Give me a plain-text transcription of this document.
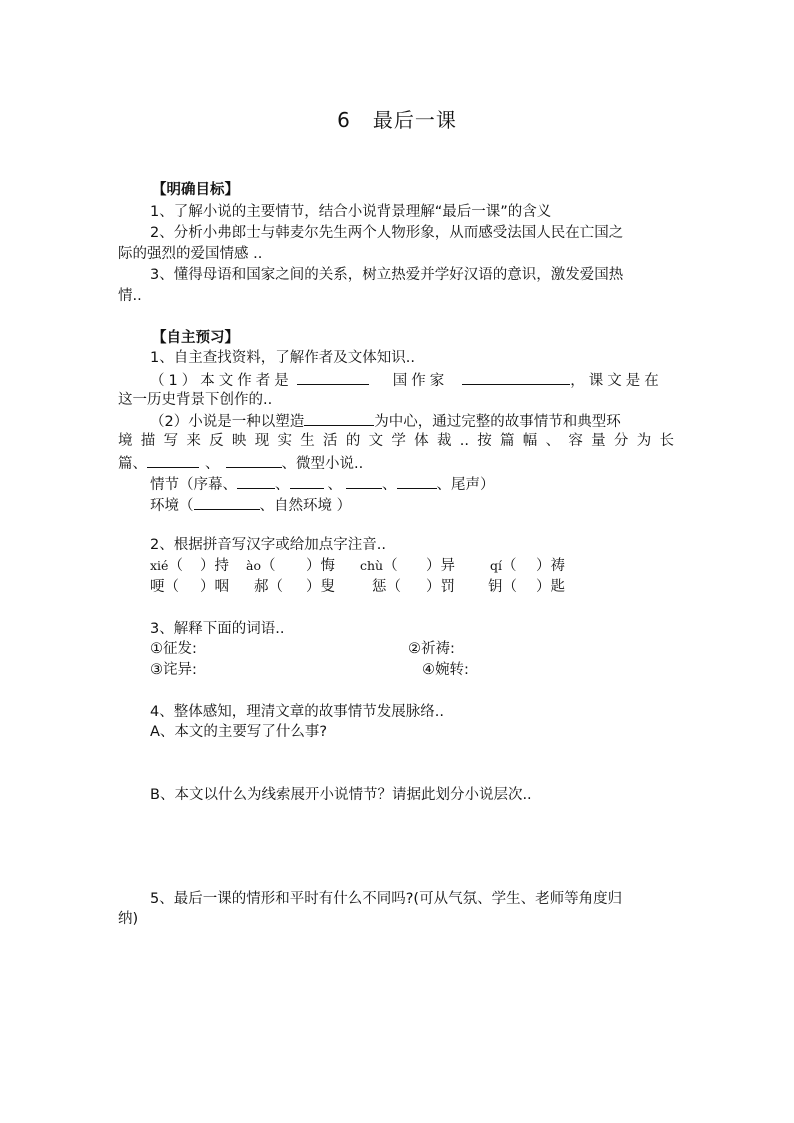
6 最后一课
【明确目标】
1、了解小说的主要情节，结合小说背景理解“最后一课”的含义
2、分析小弗郎士与韩麦尔先生两个人物形象，从而感受法国人民在亡国之
际的强烈的爱国情感 ..
3、懂得母语和国家之间的关系，树立热爱并学好汉语的意识，激发爱国热
情..
【自主预习】
1、自主查找资料，了解作者及文体知识..
（1）本文作者是	国作家	，课文是在
这一历史背景下创作的..
（2）小说是一种以塑造	为中心，通过完整的故事情节和典型环
境描写来反映现实生活的文学体裁..按篇幅、容量分为长
篇、	、	、微型小说..
情节（序幕、	、	、	、	、尾声）
环境（	、自然环境 ）
2、根据拼音写汉字或给加点字注音..
xié（ ）持 ào（ ）悔 chù（ ）异	qí（ ）祷
哽（ ）咽 郝（ ）叟	惩（ ）罚 钥（ ）匙
3、解释下面的词语..
①征发:	②祈祷:
③诧异:	④婉转:
4、整体感知，理清文章的故事情节发展脉络..
A、本文的主要写了什么事?
B、本文以什么为线索展开小说情节？请据此划分小说层次..
5、最后一课的情形和平时有什么不同吗?(可从气氛、学生、老师等角度归
纳)
